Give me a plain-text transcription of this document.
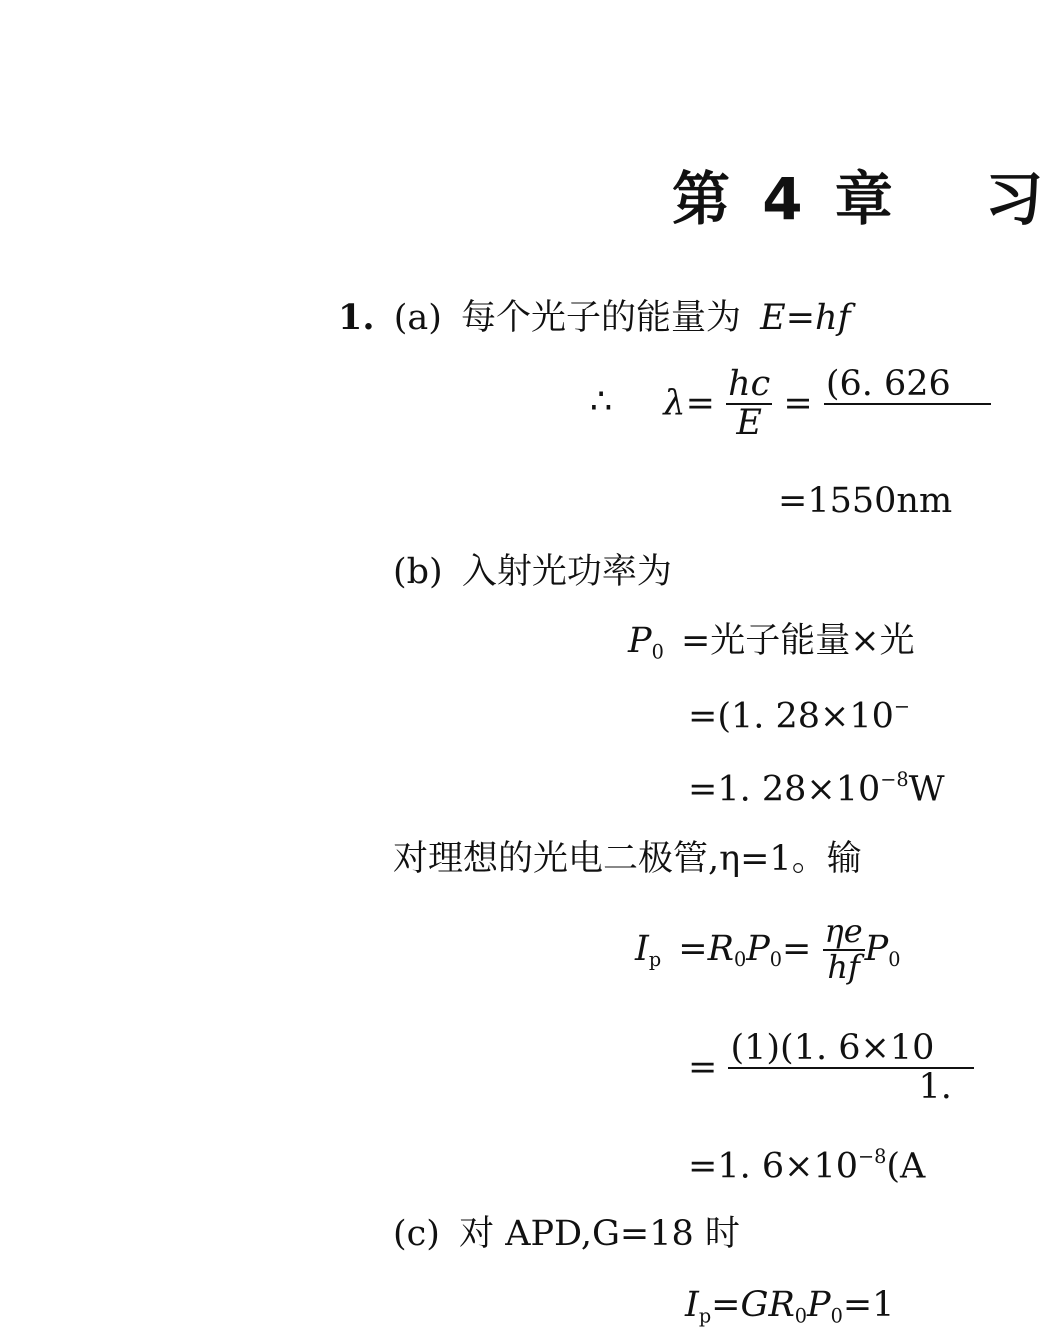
第 4 章 习
1. (a) 每个光子的能量为 E=hf
∴ $\lambda= \frac{hc}{E} = (6$. 626

=1550nm
(b) 入射光功率为
$P_0$ =光子能量×光
=(1. 28×10−
=1. $28\times 10^{-8}W$
对理想的光电二极管,η=1。输
$I_p =R_0P_0= \frac{\eta e}{hf} P_0$
= $\frac{(1)(1. 6\times 10}{1.}$
=1. $6\times 10^{-8}(A$
(c) 对 APD,G=18 时
$I_p=GR_0P_0=1$
